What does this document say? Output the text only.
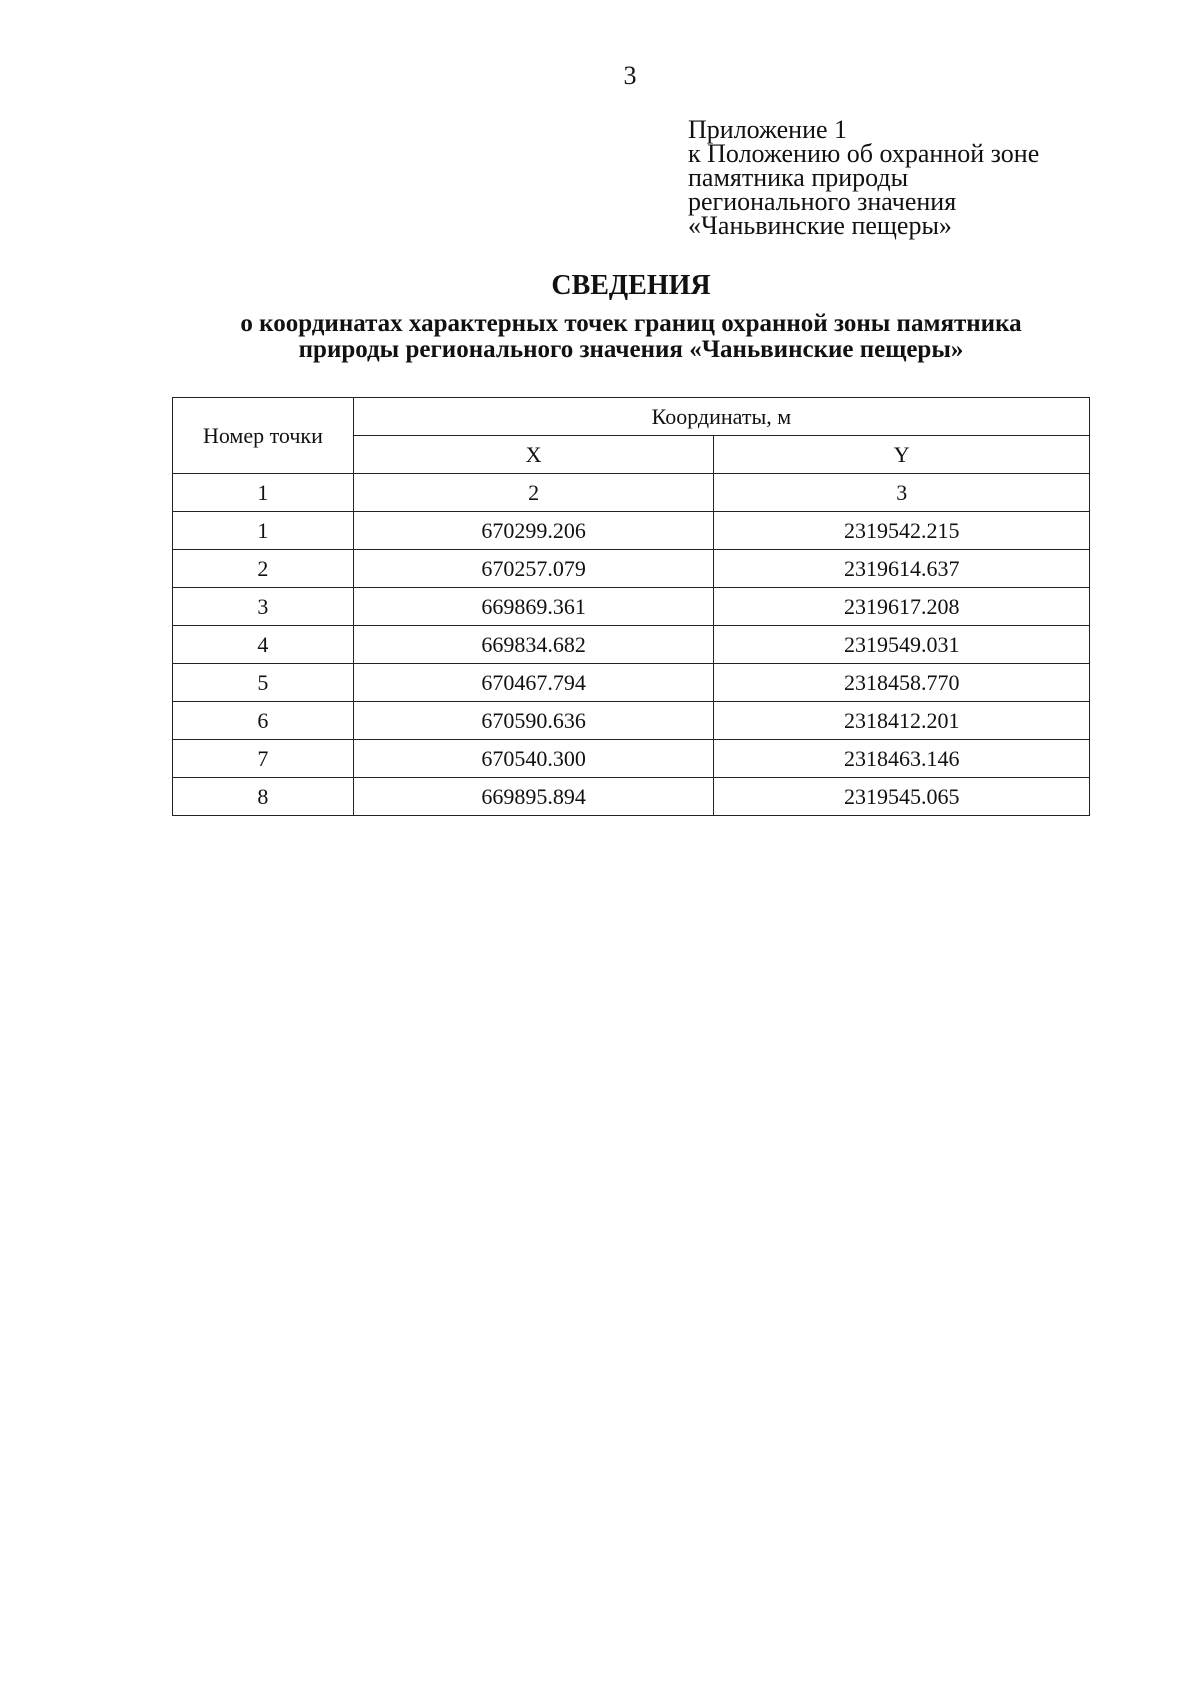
3
Приложение 1
к Положению об охранной зоне
памятника природы
регионального значения
«Чаньвинские пещеры»
СВЕДЕНИЯ
о координатах характерных точек границ охранной зоны памятника
природы регионального значения «Чаньвинские пещеры»
Номер точки	Координаты, м	
	X	Y
1	2	3
1	670299.206	2319542.215
2	670257.079	2319614.637
3	669869.361	2319617.208
4	669834.682	2319549.031
5	670467.794	2318458.770
6	670590.636	2318412.201
7	670540.300	2318463.146
8	669895.894	2319545.065
